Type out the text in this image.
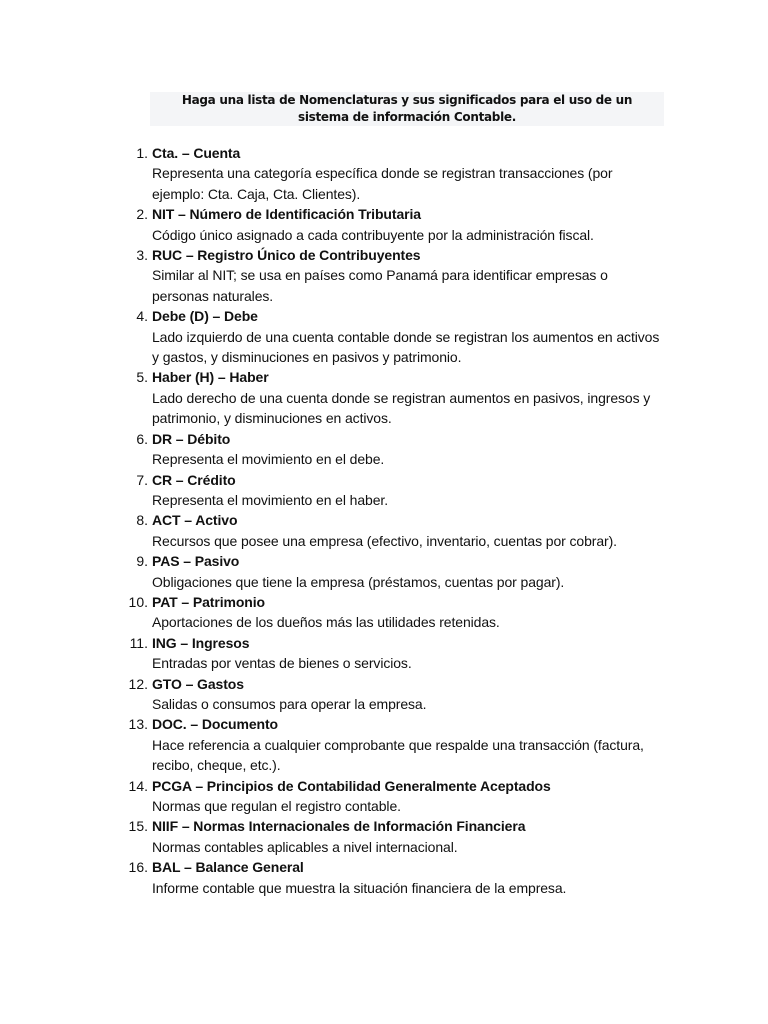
Haga una lista de Nomenclaturas y sus significados para el uso de un sistema de información Contable.
1. Cta. – Cuenta
Representa una categoría específica donde se registran transacciones (por ejemplo: Cta. Caja, Cta. Clientes).
2. NIT – Número de Identificación Tributaria
Código único asignado a cada contribuyente por la administración fiscal.
3. RUC – Registro Único de Contribuyentes
Similar al NIT; se usa en países como Panamá para identificar empresas o personas naturales.
4. Debe (D) – Debe
Lado izquierdo de una cuenta contable donde se registran los aumentos en activos y gastos, y disminuciones en pasivos y patrimonio.
5. Haber (H) – Haber
Lado derecho de una cuenta donde se registran aumentos en pasivos, ingresos y patrimonio, y disminuciones en activos.
6. DR – Débito
Representa el movimiento en el debe.
7. CR – Crédito
Representa el movimiento en el haber.
8. ACT – Activo
Recursos que posee una empresa (efectivo, inventario, cuentas por cobrar).
9. PAS – Pasivo
Obligaciones que tiene la empresa (préstamos, cuentas por pagar).
10. PAT – Patrimonio
Aportaciones de los dueños más las utilidades retenidas.
11. ING – Ingresos
Entradas por ventas de bienes o servicios.
12. GTO – Gastos
Salidas o consumos para operar la empresa.
13. DOC. – Documento
Hace referencia a cualquier comprobante que respalde una transacción (factura, recibo, cheque, etc.).
14. PCGA – Principios de Contabilidad Generalmente Aceptados
Normas que regulan el registro contable.
15. NIIF – Normas Internacionales de Información Financiera
Normas contables aplicables a nivel internacional.
16. BAL – Balance General
Informe contable que muestra la situación financiera de la empresa.
